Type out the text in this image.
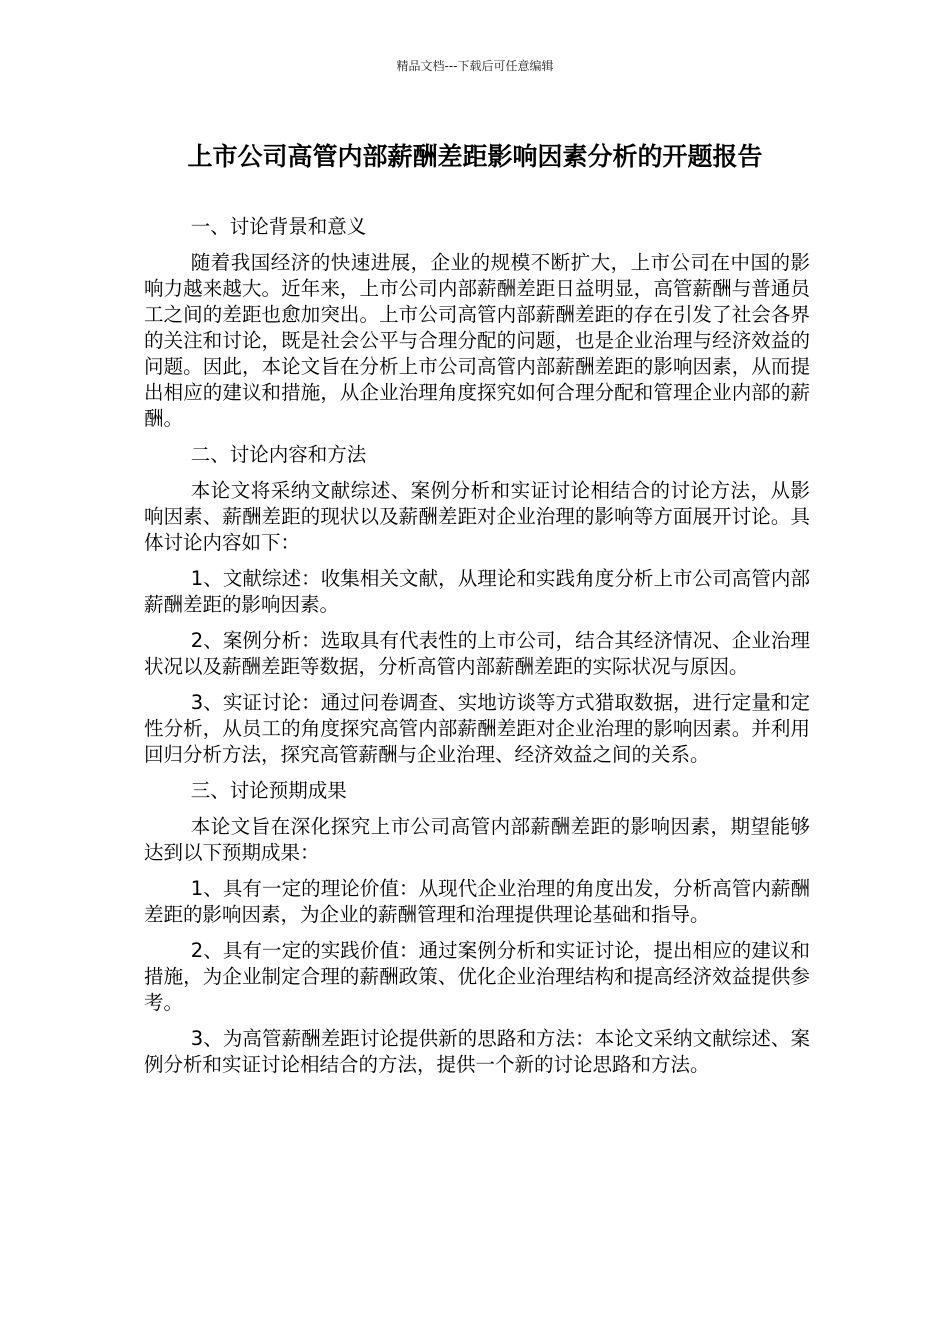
精品文档---下载后可任意编辑
上市公司高管内部薪酬差距影响因素分析的开题报告

一、讨论背景和意义

随着我国经济的快速进展，企业的规模不断扩大，上市公司在中国的影响力越来越大。近年来，上市公司内部薪酬差距日益明显，高管薪酬与普通员工之间的差距也愈加突出。上市公司高管内部薪酬差距的存在引发了社会各界的关注和讨论，既是社会公平与合理分配的问题，也是企业治理与经济效益的问题。因此，本论文旨在分析上市公司高管内部薪酬差距的影响因素，从而提出相应的建议和措施，从企业治理角度探究如何合理分配和管理企业内部的薪酬。

二、讨论内容和方法

本论文将采纳文献综述、案例分析和实证讨论相结合的讨论方法，从影响因素、薪酬差距的现状以及薪酬差距对企业治理的影响等方面展开讨论。具体讨论内容如下：

1、文献综述：收集相关文献，从理论和实践角度分析上市公司高管内部薪酬差距的影响因素。

2、案例分析：选取具有代表性的上市公司，结合其经济情况、企业治理状况以及薪酬差距等数据，分析高管内部薪酬差距的实际状况与原因。

3、实证讨论：通过问卷调查、实地访谈等方式猎取数据，进行定量和定性分析，从员工的角度探究高管内部薪酬差距对企业治理的影响因素。并利用回归分析方法，探究高管薪酬与企业治理、经济效益之间的关系。

三、讨论预期成果

本论文旨在深化探究上市公司高管内部薪酬差距的影响因素，期望能够达到以下预期成果：

1、具有一定的理论价值：从现代企业治理的角度出发，分析高管内薪酬差距的影响因素，为企业的薪酬管理和治理提供理论基础和指导。

2、具有一定的实践价值：通过案例分析和实证讨论，提出相应的建议和措施，为企业制定合理的薪酬政策、优化企业治理结构和提高经济效益提供参考。

3、为高管薪酬差距讨论提供新的思路和方法：本论文采纳文献综述、案例分析和实证讨论相结合的方法，提供一个新的讨论思路和方法。
